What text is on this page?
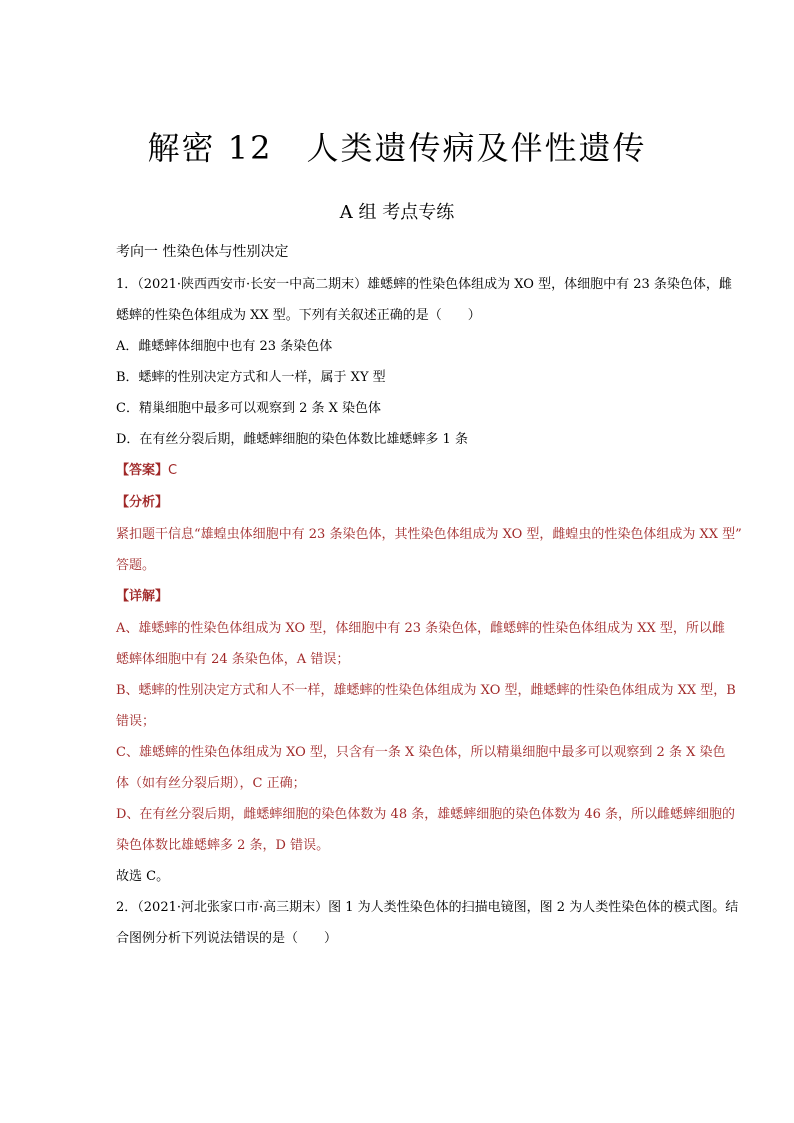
解密 12　人类遗传病及伴性遗传
A 组 考点专练
考向一 性染色体与性别决定
1．（2021·陕西西安市·长安一中高二期末）雄蟋蟀的性染色体组成为 XO 型，体细胞中有 23 条染色体，雌
蟋蟀的性染色体组成为 XX 型。下列有关叙述正确的是（　　）
A．雌蟋蟀体细胞中也有 23 条染色体
B．蟋蟀的性别决定方式和人一样，属于 XY 型
C．精巢细胞中最多可以观察到 2 条 X 染色体
D．在有丝分裂后期，雌蟋蟀细胞的染色体数比雄蟋蟀多 1 条
【答案】C
【分析】
紧扣题干信息“雄蝗虫体细胞中有 23 条染色体，其性染色体组成为 XO 型，雌蝗虫的性染色体组成为 XX 型”
答题。
【详解】
A、雄蟋蟀的性染色体组成为 XO 型，体细胞中有 23 条染色体，雌蟋蟀的性染色体组成为 XX 型，所以雌
蟋蟀体细胞中有 24 条染色体，A 错误；
B、蟋蟀的性别决定方式和人不一样，雄蟋蟀的性染色体组成为 XO 型，雌蟋蟀的性染色体组成为 XX 型，B
错误；
C、雄蟋蟀的性染色体组成为 XO 型，只含有一条 X 染色体，所以精巢细胞中最多可以观察到 2 条 X 染色
体（如有丝分裂后期），C 正确；
D、在有丝分裂后期，雌蟋蟀细胞的染色体数为 48 条，雄蟋蟀细胞的染色体数为 46 条，所以雌蟋蟀细胞的
染色体数比雄蟋蟀多 2 条，D 错误。
故选 C。
2．（2021·河北张家口市·高三期末）图 1 为人类性染色体的扫描电镜图，图 2 为人类性染色体的模式图。结
合图例分析下列说法错误的是（　　）
